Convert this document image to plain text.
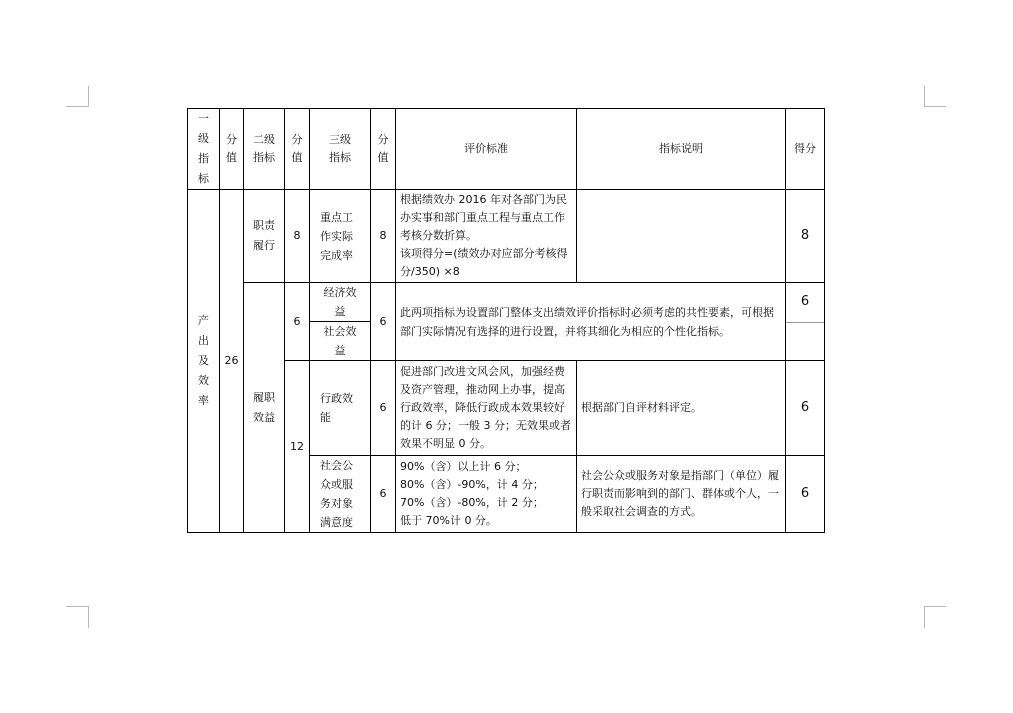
一级指标	分值	二级指标	分值	三级指标	分值	评价标准	指标说明	得分
产出及效率	26	职责履行	8	重点工作实际完成率	8	根据绩效办 2016 年对各部门为民办实事和部门重点工程与重点工作考核分数折算。
该项得分=(绩效办对应部分考核得分/350) ×8		8
		履职效益	6	经济效益	6	此两项指标为设置部门整体支出绩效评价指标时必须考虑的共性要素，可根据部门实际情况有选择的进行设置，并将其细化为相应的个性化指标。		6

				社会效益				
			12	行政效能	6	促进部门改进文风会风，加强经费及资产管理，推动网上办事，提高行政效率，降低行政成本效果较好的计 6 分；一般 3 分；无效果或者效果不明显 0 分。	根据部门自评材料评定。	6
				社会公众或服务对象满意度	6	90%（含）以上计 6 分；
80%（含）-90%，计 4 分；
70%（含）-80%，计 2 分；
低于 70%计 0 分。	社会公众或服务对象是指部门（单位）履行职责而影响到的部门、群体或个人，一般采取社会调查的方式。	6
